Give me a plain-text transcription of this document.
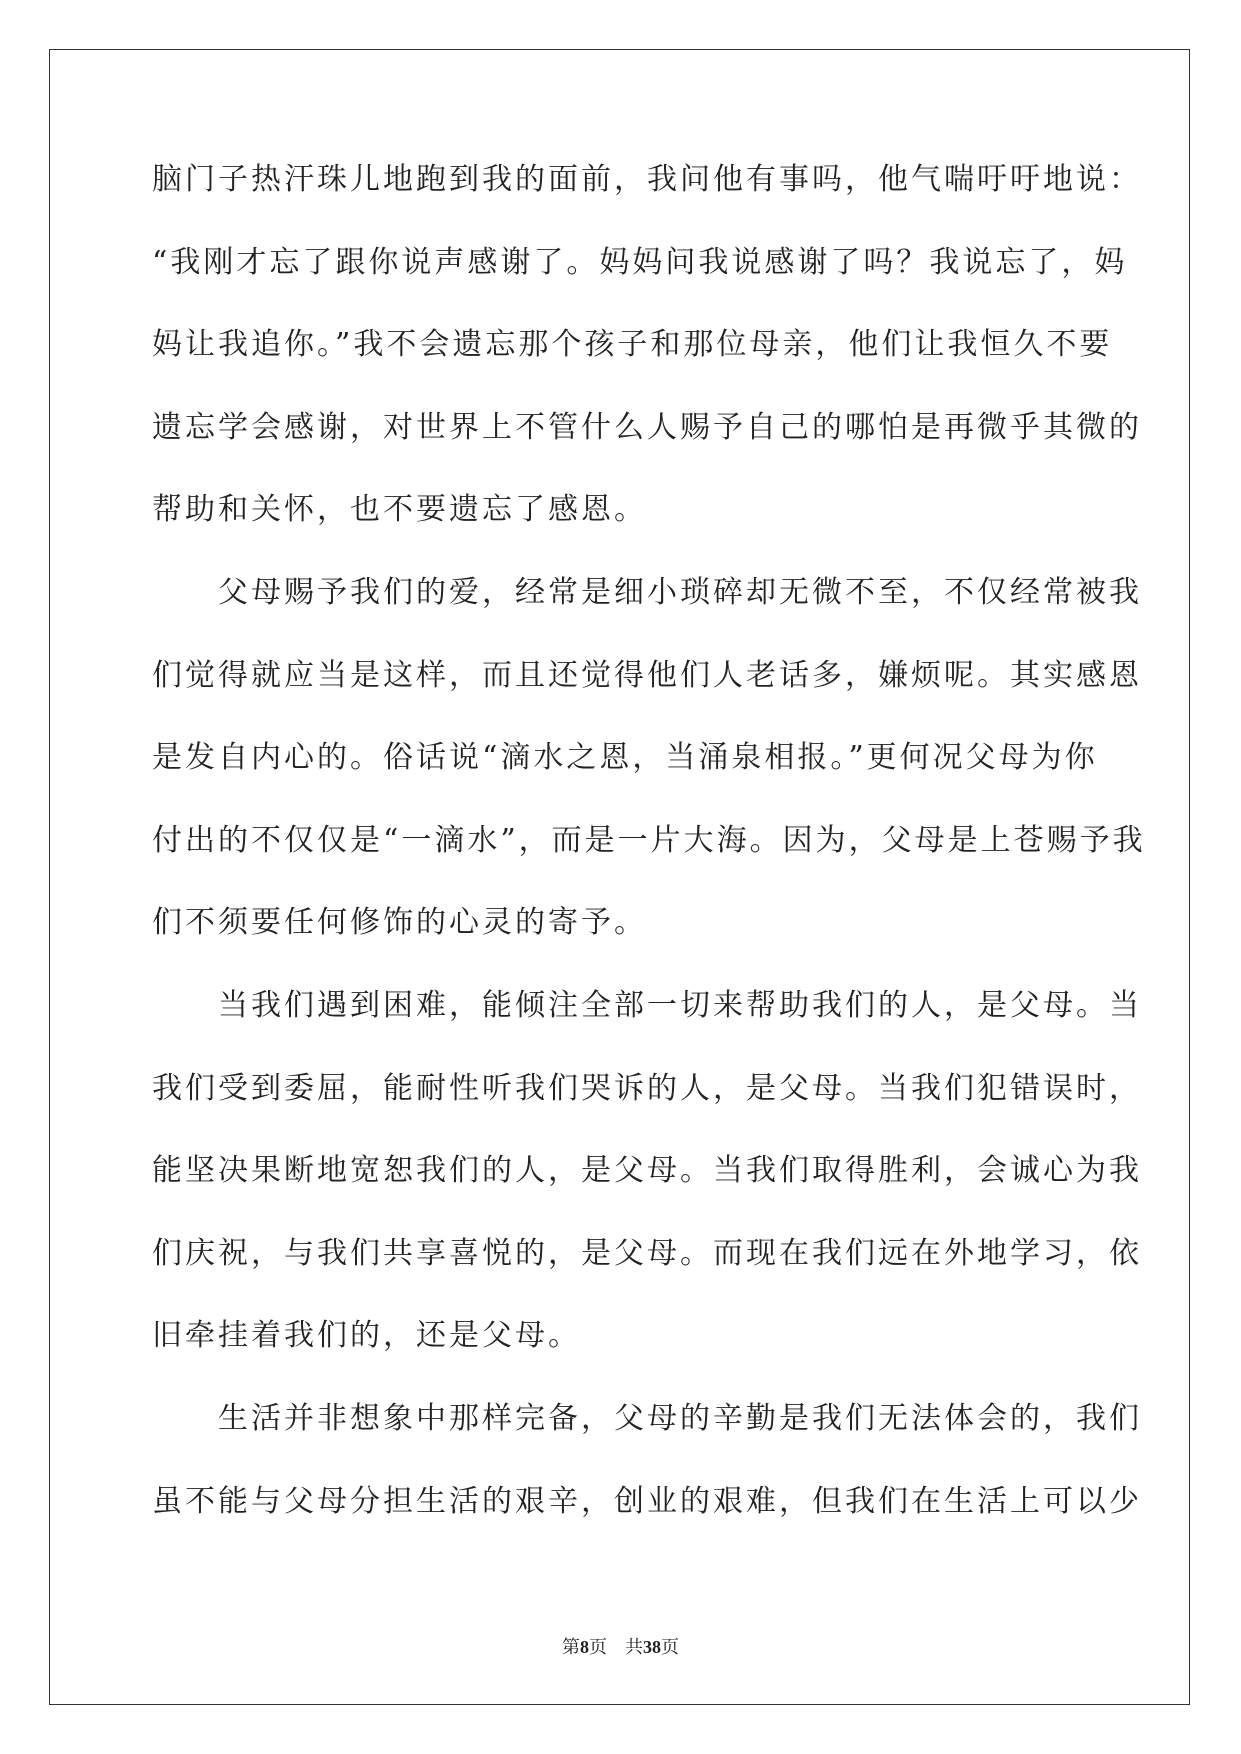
脑门子热汗珠儿地跑到我的面前，我问他有事吗，他气喘吁吁地说：
“我刚才忘了跟你说声感谢了。妈妈问我说感谢了吗？我说忘了，妈
妈让我追你。”我不会遗忘那个孩子和那位母亲，他们让我恒久不要
遗忘学会感谢，对世界上不管什么人赐予自己的哪怕是再微乎其微的
帮助和关怀，也不要遗忘了感恩。
　　父母赐予我们的爱，经常是细小琐碎却无微不至，不仅经常被我
们觉得就应当是这样，而且还觉得他们人老话多，嫌烦呢。其实感恩
是发自内心的。俗话说“滴水之恩，当涌泉相报。”更何况父母为你
付出的不仅仅是“一滴水”，而是一片大海。因为，父母是上苍赐予我
们不须要任何修饰的心灵的寄予。
　　当我们遇到困难，能倾注全部一切来帮助我们的人，是父母。当
我们受到委屈，能耐性听我们哭诉的人，是父母。当我们犯错误时，
能坚决果断地宽恕我们的人，是父母。当我们取得胜利，会诚心为我
们庆祝，与我们共享喜悦的，是父母。而现在我们远在外地学习，依
旧牵挂着我们的，还是父母。
　　生活并非想象中那样完备，父母的辛勤是我们无法体会的，我们
虽不能与父母分担生活的艰辛，创业的艰难，但我们在生活上可以少
第8页 共38页
